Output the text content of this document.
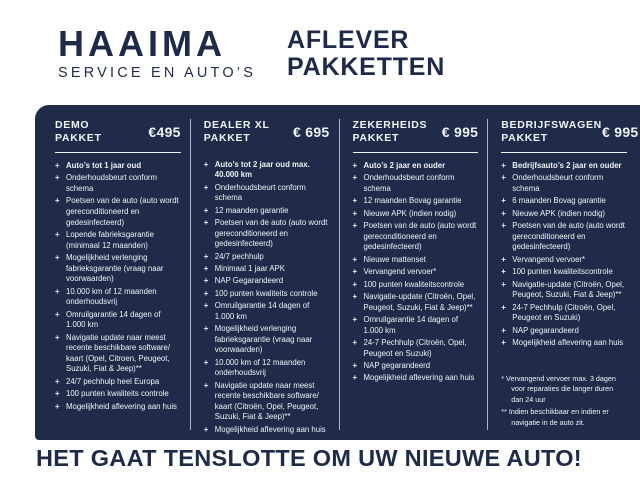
HAAIMA
SERVICE EN AUTO’S
AFLEVER
PAKKETTEN
DEMO
PAKKET	€495
+ Auto’s tot 1 jaar oud
+ Onderhoudsbeurt conform schema
+ Poetsen van de auto (auto wordt gereconditioneerd en gedesinfecteerd)
+ Lopende fabrieksgarantie (minimaal 12 maanden)
+ Mogelijkheid verlenging fabrieksgarantie (vraag naar voorwaarden)
+ 10.000 km of 12 maanden onderhoudsvrij
+ Omruilgarantie 14 dagen of 1.000 km
+ Navigatie update naar meest recente beschikbare software/ kaart (Opel, Citroen, Peugeot, Suzuki, Fiat & Jeep)**
+ 24/7 pechhulp heel Europa
+ 100 punten kwaliteits controle
+ Mogelijkheid aflevering aan huis
DEALER XL
PAKKET	€ 695
+ Auto’s tot 2 jaar oud max. 40.000 km
+ Onderhoudsbeurt conform schema
+ 12 maanden garantie
+ Poetsen van de auto (auto wordt gereconditioneerd en gedesinfecteerd)
+ 24/7 pechhulp
+ Minimaal 1 jaar APK
+ NAP Gegarandeerd
+ 100 punten kwaliteits controle
+ Omruilgarantie 14 dagen of 1.000 km
+ Mogelijkheid verlenging fabrieksgarantie (vraag naar voorwaarden)
+ 10.000 km of 12 maanden onderhoudsvrij
+ Navigatie update naar meest recente beschikbare software/ kaart (Citroën, Opel, Peugeot, Suzuki, Fiat & Jeep)**
+ Mogelijkheid aflevering aan huis
ZEKERHEIDS
PAKKET	€ 995
+ Auto’s 2 jaar en ouder
+ Onderhoudsbeurt conform schema
+ 12 maanden Bovag garantie
+ Nieuwe APK (indien nodig)
+ Poetsen van de auto (auto wordt gereconditioneerd en gedesinfecteerd)
+ Nieuwe mattenset
+ Vervangend vervoer*
+ 100 punten kwaliteitscontrole
+ Navigatie-update (Citroën, Opel, Peugeot, Suzuki, Fiat & Jeep)**
+ Omruilgarantie 14 dagen of 1.000 km
+ 24-7 Pechhulp (Citroën, Opel, Peugeot en Suzuki)
+ NAP gegarandeerd
+ Mogelijkheid aflevering aan huis
BEDRIJFSWAGEN
PAKKET	€ 995
+ Bedrijfsauto’s 2 jaar en ouder
+ Onderhoudsbeurt conform schema
+ 6 maanden Bovag garantie
+ Nieuwe APK (indien nodig)
+ Poetsen van de auto (auto wordt gereconditioneerd en gedesinfecteerd)
+ Vervangend vervoer*
+ 100 punten kwaliteitscontrole
+ Navigatie-update (Citroën, Opel, Peugeot, Suzuki, Fiat & Jeep)**
+ 24-7 Pechhulp (Citroën, Opel, Peugeot en Suzuki)
+ NAP gegarandeerd
+ Mogelijkheid aflevering aan huis
* Vervangend vervoer max. 3 dagen voor reparaties die langer duren dan 24 uur
** Indien beschikbaar en indien er navigatie in de auto zit.
HET GAAT TENSLOTTE OM UW NIEUWE AUTO!
